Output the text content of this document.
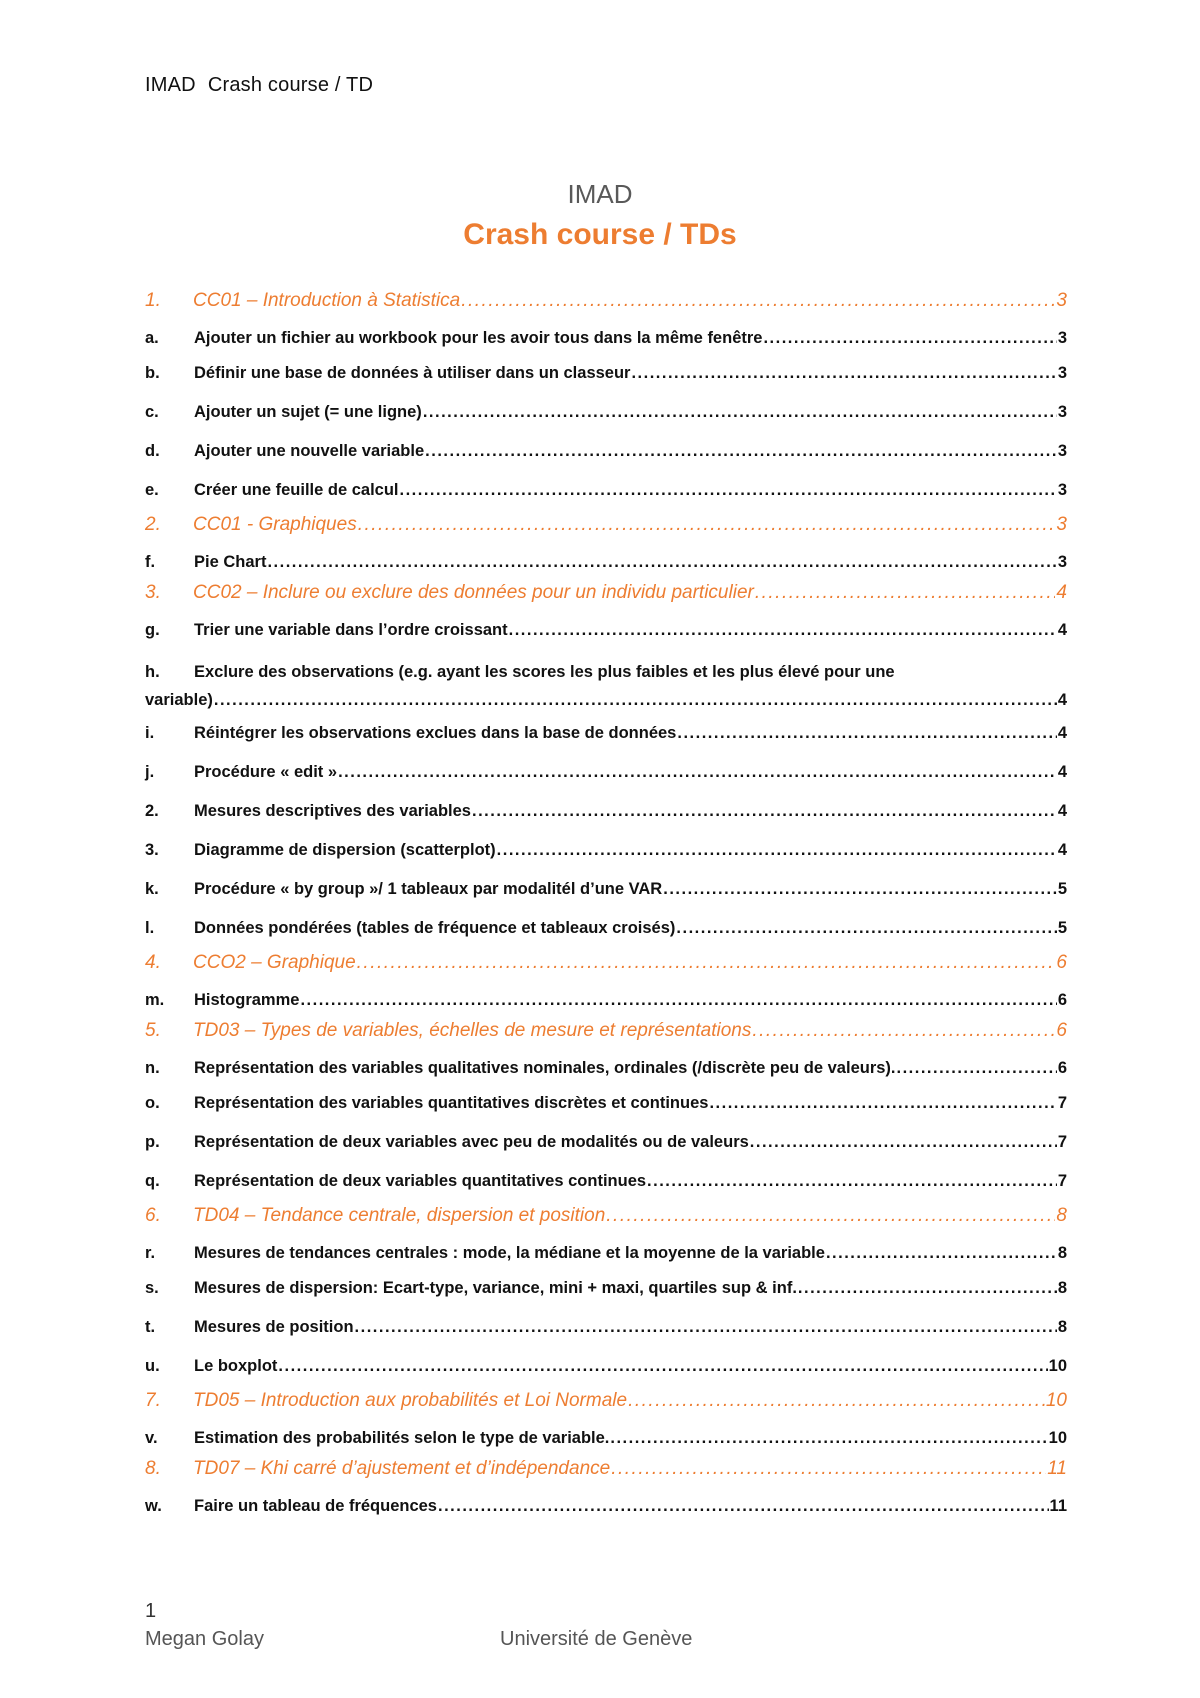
IMAD Crash course / TD
IMAD
Crash course / TDs
1.	CC01 – Introduction à Statistica .....	3
a.	Ajouter un fichier au workbook pour les avoir tous dans la même fenêtre .....	3
b.	Définir une base de données à utiliser dans un classeur .....	3
c.	Ajouter un sujet (= une ligne) .....	3
d.	Ajouter une nouvelle variable .....	3
e.	Créer une feuille de calcul .....	3
2.	CC01 - Graphiques .....	3
f.	Pie Chart .....	3
3.	CC02 – Inclure ou exclure des données pour un individu particulier .....	4
g.	Trier une variable dans l’ordre croissant .....	4
h. Exclure des observations (e.g. ayant les scores les plus faibles et les plus élevé pour une
variable) .....	4
i.	Réintégrer les observations exclues dans la base de données .....	4
j.	Procédure « edit » .....	4
2.	Mesures descriptives des variables .....	4
3.	Diagramme de dispersion (scatterplot) .....	4
k.	Procédure « by group »/ 1 tableaux par modalitél d’une VAR .....	5
l.	Données pondérées (tables de fréquence et tableaux croisés) .....	5
4.	CCO2 – Graphique .....	6
m.	Histogramme .....	6
5.	TD03 – Types de variables, échelles de mesure et représentations .....	6
n.	Représentation des variables qualitatives nominales, ordinales (/discrète peu de valeurs). .....	6
o.	Représentation des variables quantitatives discrètes et continues .....	7
p.	Représentation de deux variables avec peu de modalités ou de valeurs .....	7
q.	Représentation de deux variables quantitatives continues .....	7
6.	TD04 – Tendance centrale, dispersion et position .....	8
r.	Mesures de tendances centrales : mode, la médiane et la moyenne de la variable .....	8
s.	Mesures de dispersion: Ecart-type, variance, mini + maxi, quartiles sup & inf. .....	8
t.	Mesures de position .....	8
u.	Le boxplot .....	10
7.	TD05 – Introduction aux probabilités et Loi Normale .....	10
v.	Estimation des probabilités selon le type de variable. .....	10
8.	TD07 – Khi carré d’ajustement et d’indépendance .....	11
w.	Faire un tableau de fréquences .....	11
1
Megan Golay	Université de Genève
